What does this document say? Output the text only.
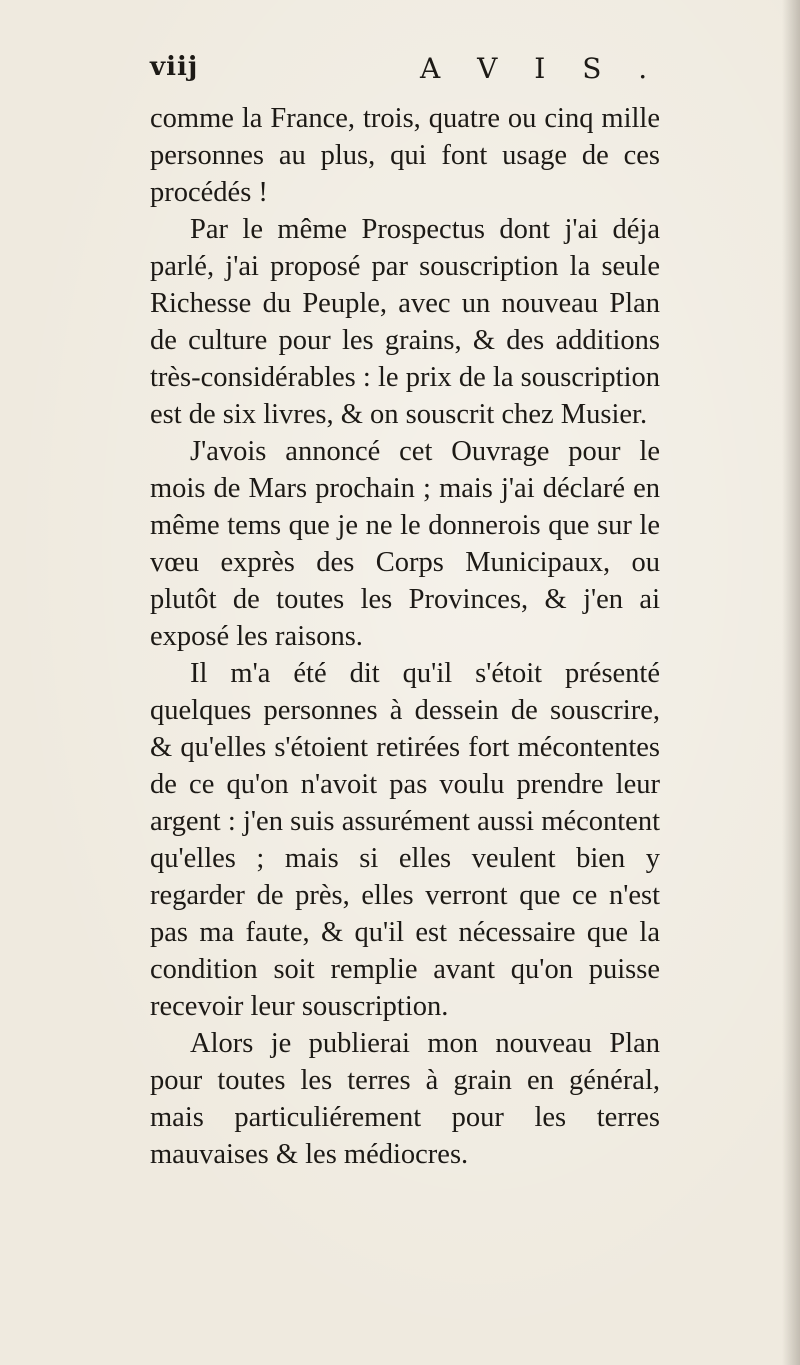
viij	A V I S .

comme la France, trois, quatre ou cinq mille personnes au plus, qui font usage de ces procédés !

Par le même Prospectus dont j'ai déja parlé, j'ai proposé par souscription la seule Richesse du Peuple, avec un nouveau Plan de culture pour les grains, & des additions très-considérables : le prix de la souscription est de six livres, & on souscrit chez Musier.

J'avois annoncé cet Ouvrage pour le mois de Mars prochain ; mais j'ai déclaré en même tems que je ne le donnerois que sur le vœu exprès des Corps Municipaux, ou plutôt de toutes les Provinces, & j'en ai exposé les raisons.

Il m'a été dit qu'il s'étoit présenté quelques personnes à dessein de souscrire, & qu'elles s'étoient retirées fort mécontentes de ce qu'on n'avoit pas voulu prendre leur argent : j'en suis assurément aussi mécontent qu'elles ; mais si elles veulent bien y regarder de près, elles verront que ce n'est pas ma faute, & qu'il est nécessaire que la condition soit remplie avant qu'on puisse recevoir leur souscription.

Alors je publierai mon nouveau Plan pour toutes les terres à grain en général, mais particuliérement pour les terres mauvaises & les médiocres.
